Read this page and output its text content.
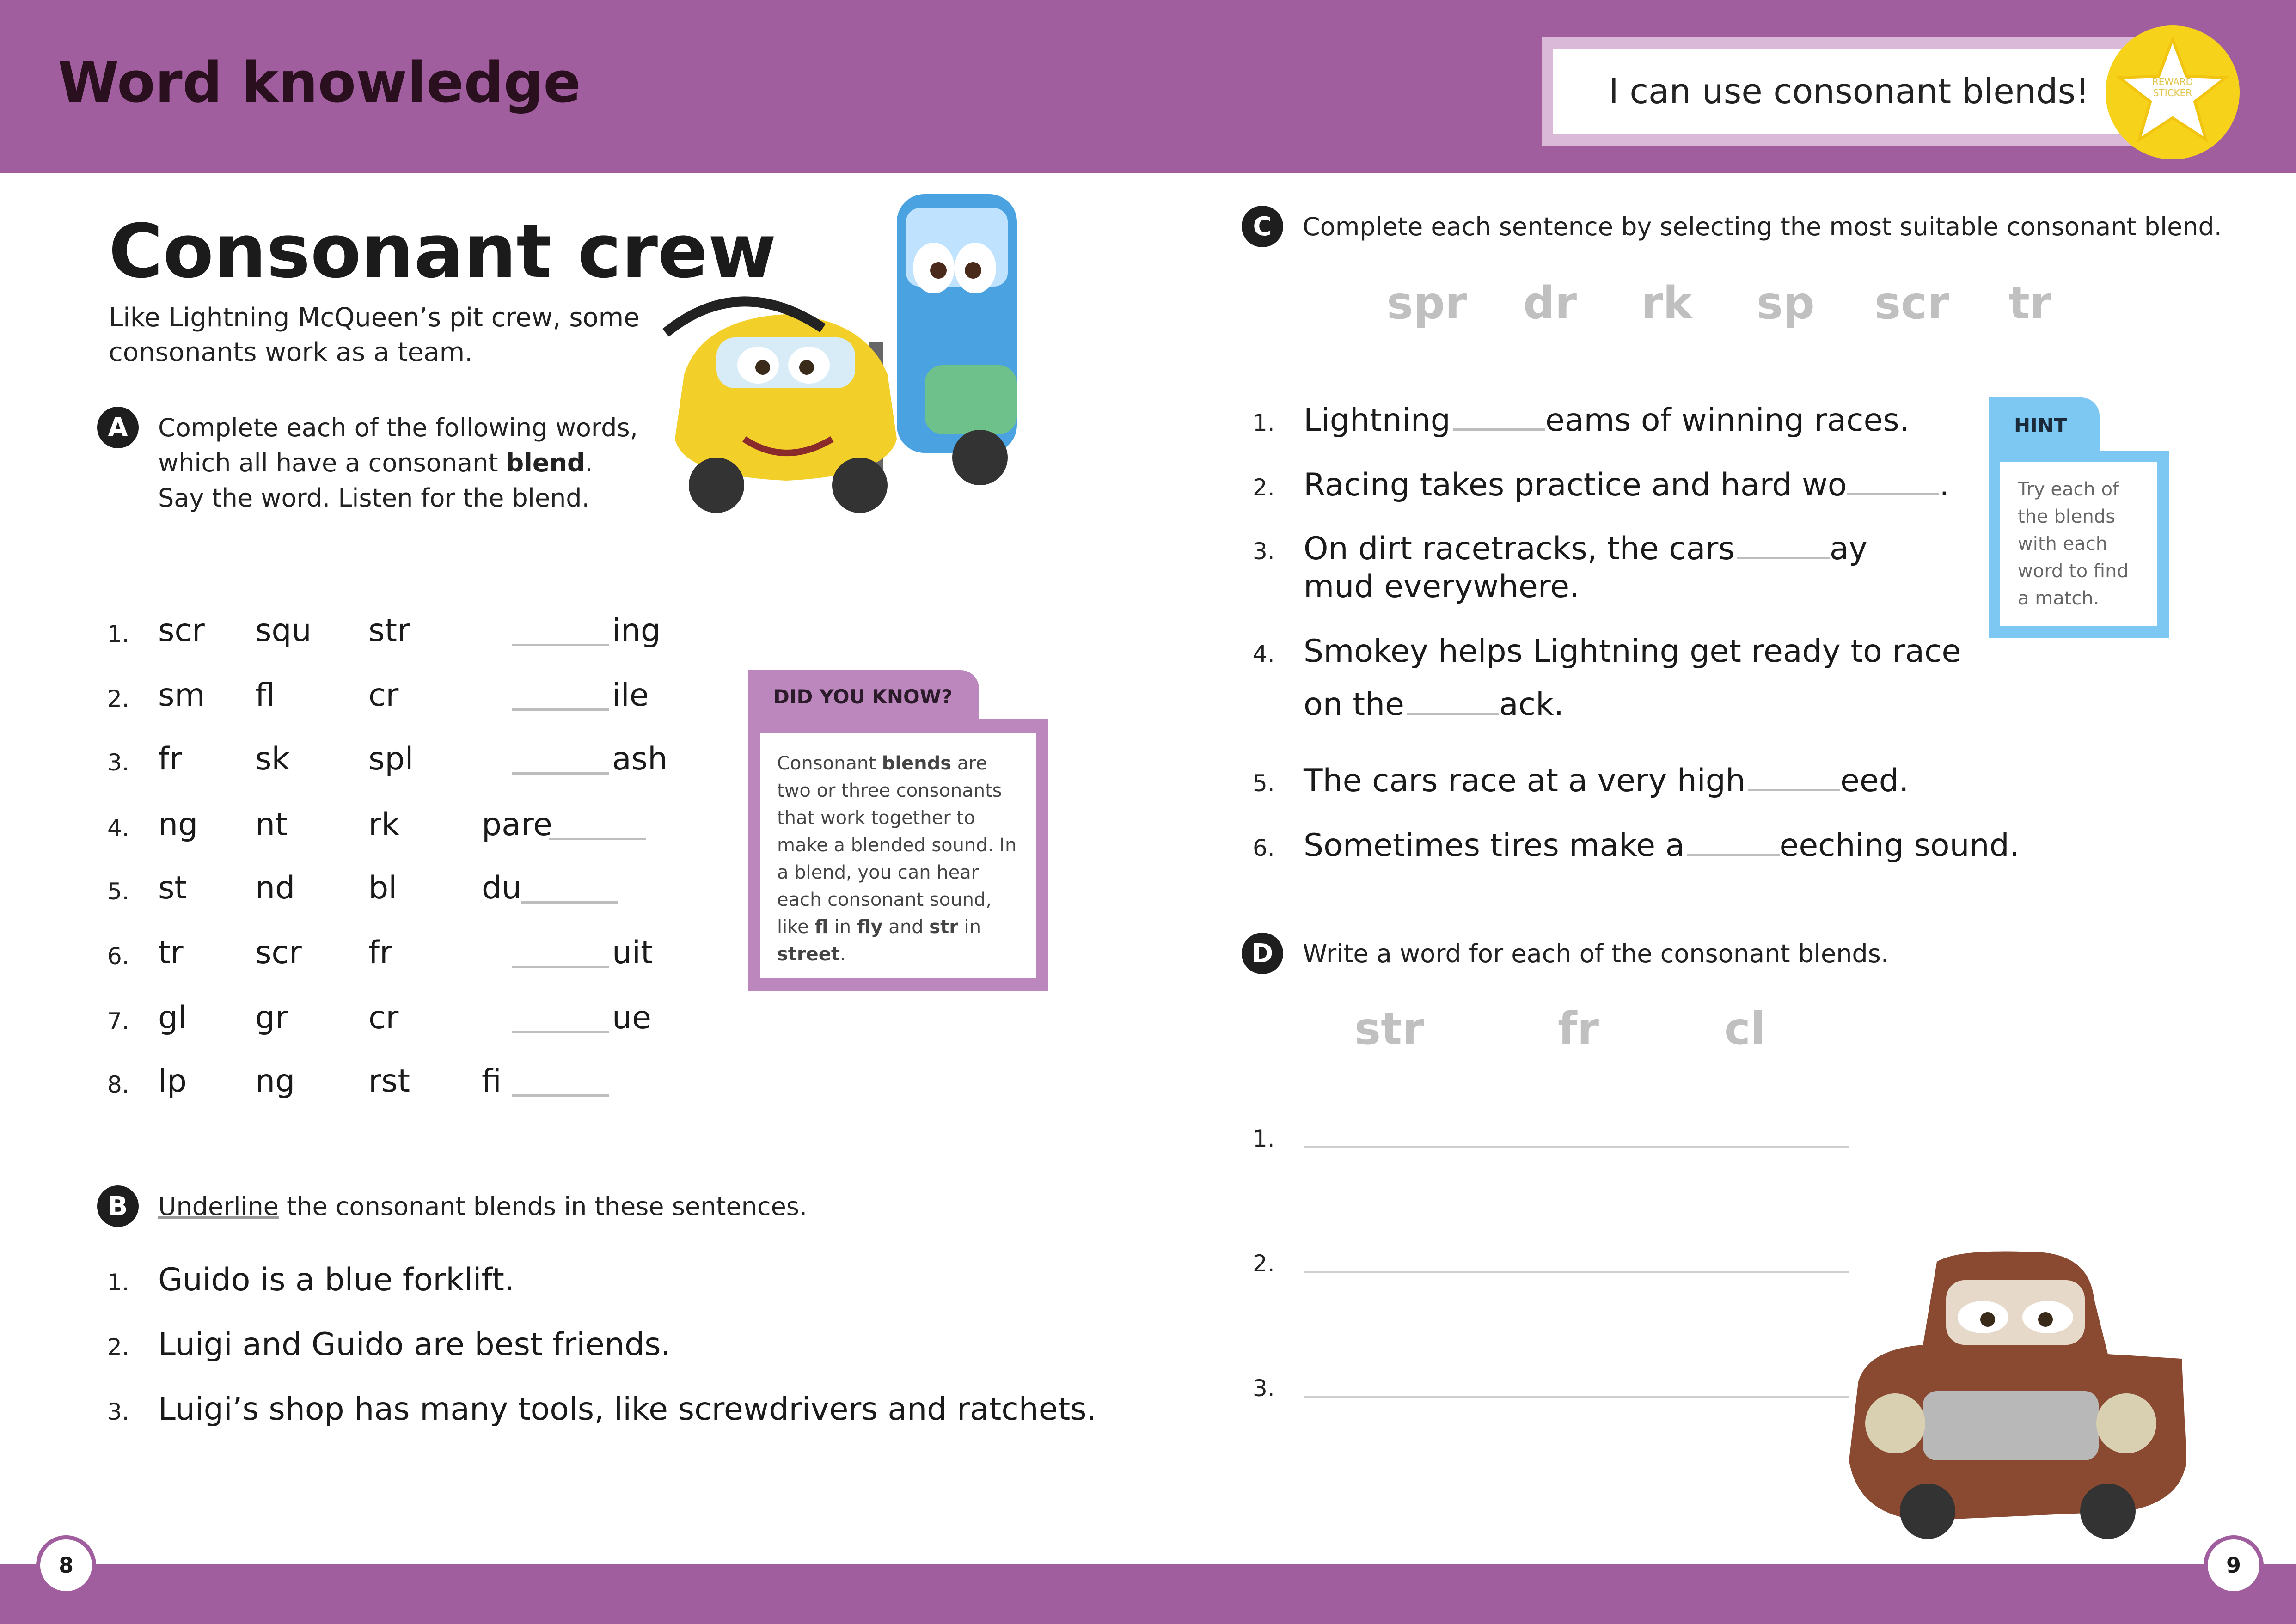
Word knowledge	I can use consonant blends!	REWARD STICKER
Consonant crew
Like Lightning McQueen’s pit crew, some
consonants work as a team.
A	Complete each of the following words,
which all have a consonant blend.
Say the word. Listen for the blend.
1. scr squ str	ing
2. sm fl	cr	ile
3. fr sk	spl	ash
4. ng nt	rk	pare
5. st nd bl	du
6. tr scr fr	uit
7. gl gr	cr	ue
8. lp ng rst fi
DID YOU KNOW?
Consonant blends are two or three consonants that work together to make a blended sound. In a blend, you can hear each consonant sound, like fl in fly and str in street.
B	Underline the consonant blends in these sentences.
1. Guido is a blue forklift.
2. Luigi and Guido are best friends.
3. Luigi’s shop has many tools, like screwdrivers and ratchets.
C	Complete each sentence by selecting the most suitable consonant blend.
spr dr rk sp scr tr
1. Lightning	eams of winning races.
2. Racing takes practice and hard wo	.
3. On dirt racetracks, the cars	ay
mud everywhere.
4. Smokey helps Lightning get ready to race
on the	ack.
5. The cars race at a very high	eed.
6. Sometimes tires make a	eeching sound.
HINT
Try each of
the blends
with each
word to find
a match.
D	Write a word for each of the consonant blends.
str	fr	cl
1.
2.
3.
8	9
